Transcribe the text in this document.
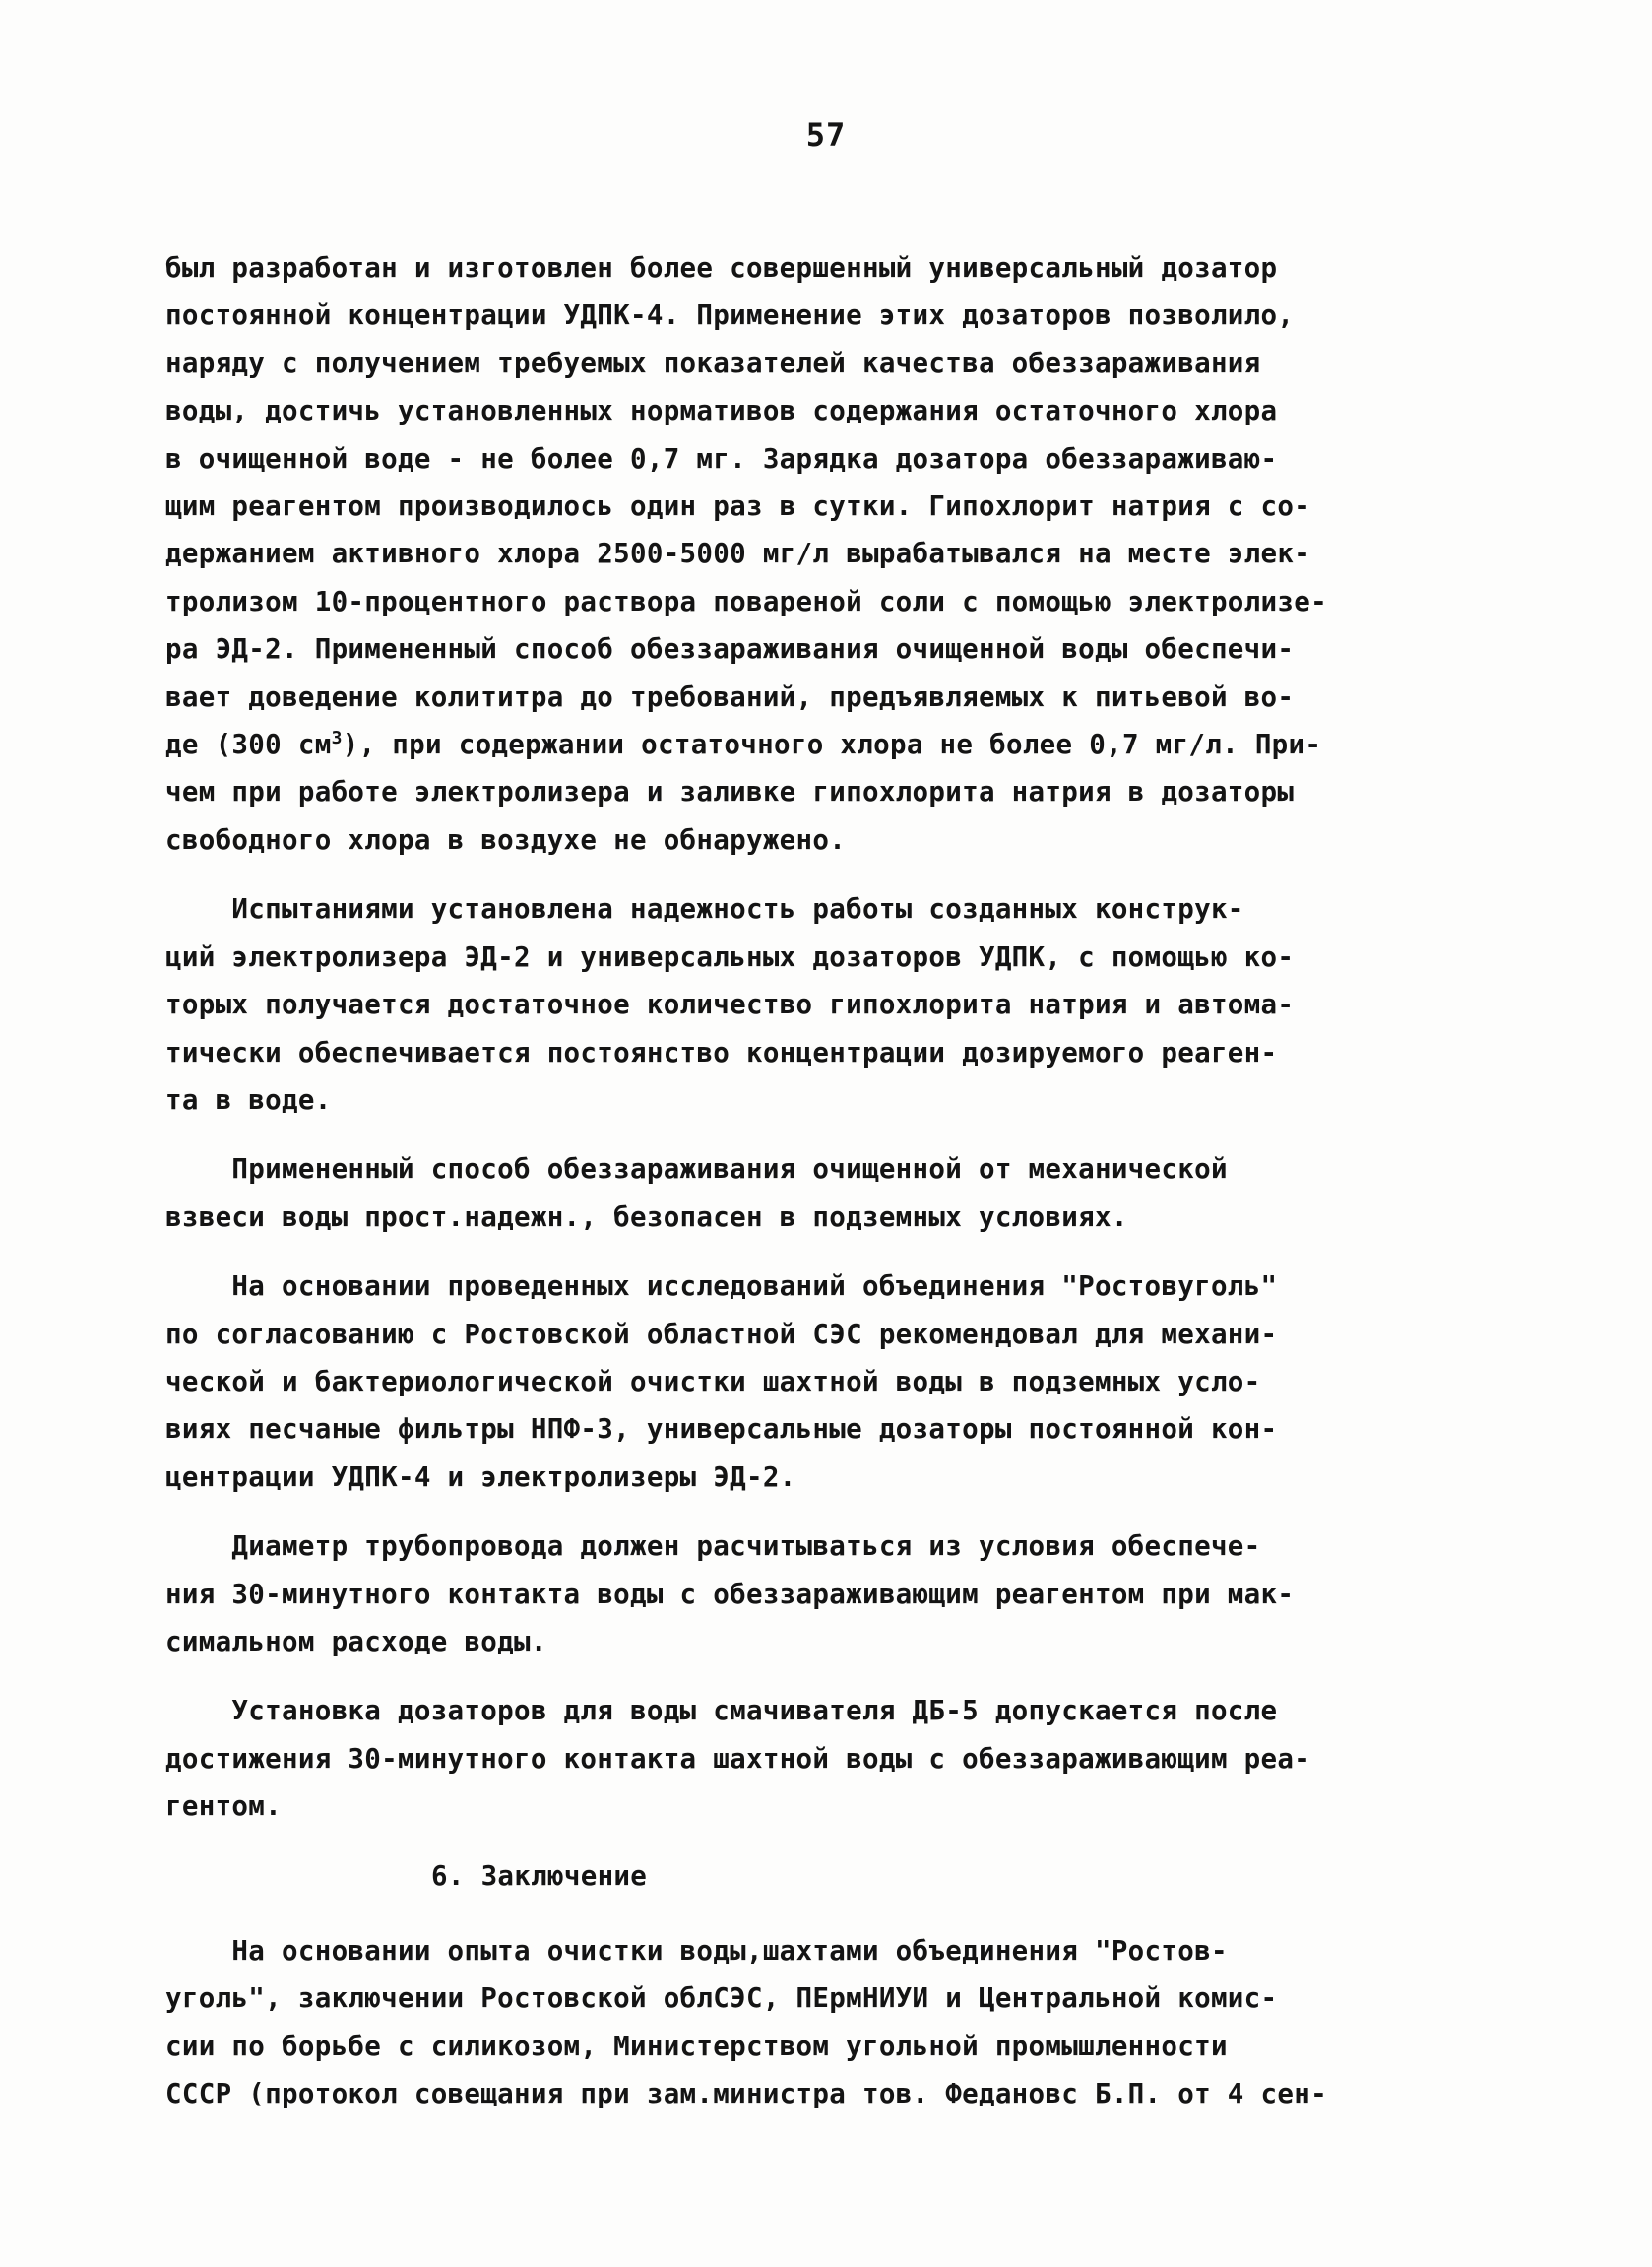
57
был разработан и изготовлен более совершенный универсальный дозатор
постоянной концентрации УДПК-4. Применение этих дозаторов позволило,
наряду с получением требуемых показателей качества обеззараживания
воды, достичь установленных нормативов содержания остаточного хлора
в очищенной воде - не более 0,7 мг. Зарядка дозатора обеззараживаю-
щим реагентом производилось один раз в сутки. Гипохлорит натрия с со-
держанием активного хлора 2500-5000 мг/л вырабатывался на месте элек-
тролизом 10-процентного раствора повареной соли с помощью электролизе-
ра ЭД-2. Примененный способ обеззараживания очищенной воды обеспечи-
вает доведение колититра до требований, предъявляемых к питьевой во-
де (300 $см^3$), при содержании остаточного хлора не более 0,7 мг/л. При-
чем при работе электролизера и заливке гипохлорита натрия в дозаторы
свободного хлора в воздухе не обнаружено.
Испытаниями установлена надежность работы созданных конструк-
ций электролизера ЭД-2 и универсальных дозаторов УДПК, с помощью ко-
торых получается достаточное количество гипохлорита натрия и автома-
тически обеспечивается постоянство концентрации дозируемого реаген-
та в воде.
Примененный способ обеззараживания очищенной от механической
взвеси воды прост.надежн., безопасен в подземных условиях.
На основании проведенных исследований объединения "Ростовуголь"
по согласованию с Ростовской областной СЭС рекомендовал для механи-
ческой и бактериологической очистки шахтной воды в подземных усло-
виях песчаные фильтры НПФ-3, универсальные дозаторы постоянной кон-
центрации УДПК-4 и электролизеры ЭД-2.
Диаметр трубопровода должен расчитываться из условия обеспече-
ния 30-минутного контакта воды с обеззараживающим реагентом при мак-
симальном расходе воды.
Установка дозаторов для воды смачивателя ДБ-5 допускается после
достижения 30-минутного контакта шахтной воды с обеззараживающим реа-
гентом.
6. Заключение
На основании опыта очистки воды,шахтами объединения "Ростов-
уголь", заключении Ростовской облСЭС, ПЕрмНИУИ и Центральной комис-
сии по борьбе с силикозом, Министерством угольной промышленности
СССР (протокол совещания при зам.министра тов. Федановс Б.П. от 4 сен-
